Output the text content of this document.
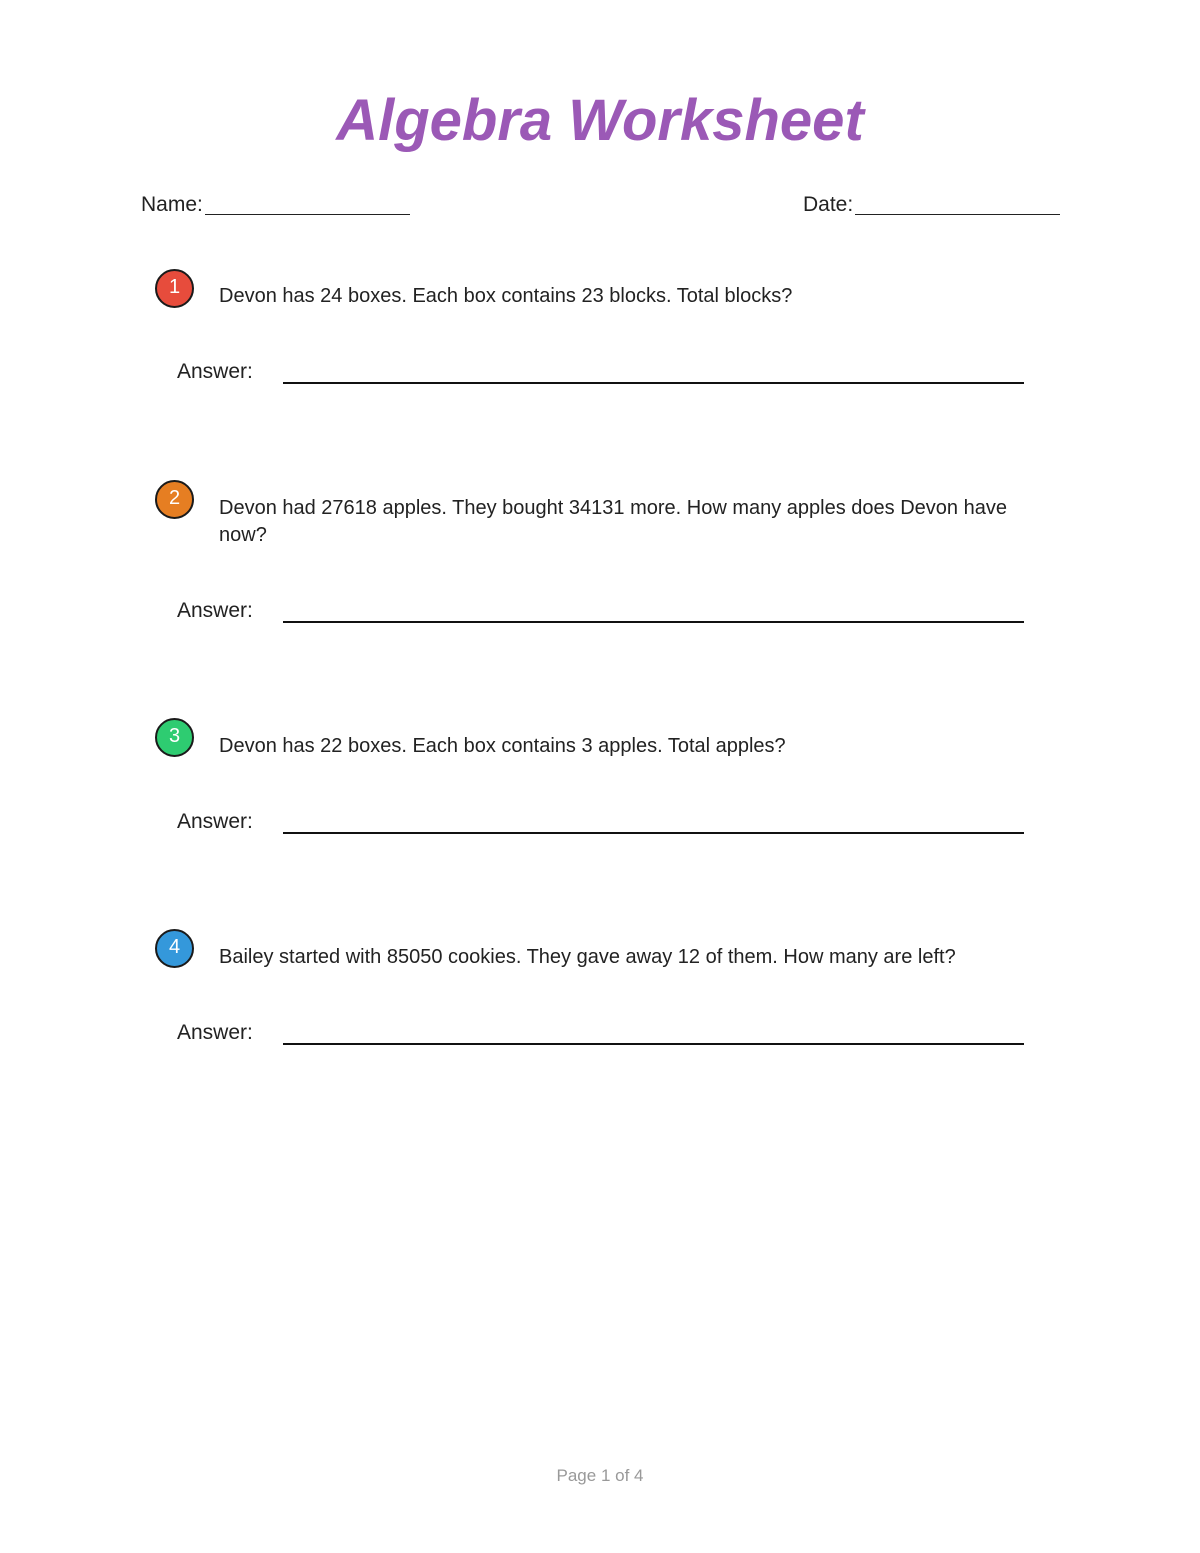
Algebra Worksheet
Name:	Date:
1	Devon has 24 boxes. Each box contains 23 blocks. Total blocks?
Answer:
2	Devon had 27618 apples. They bought 34131 more. How many apples does Devon have now?
Answer:
3	Devon has 22 boxes. Each box contains 3 apples. Total apples?
Answer:
4	Bailey started with 85050 cookies. They gave away 12 of them. How many are left?
Answer:
Page 1 of 4
